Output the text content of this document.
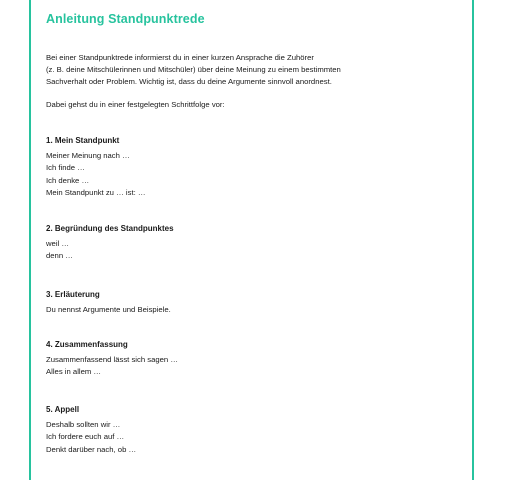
Anleitung Standpunktrede

Bei einer Standpunktrede informierst du in einer kurzen Ansprache die Zuhörer

(z. B. deine Mitschülerinnen und Mitschüler) über deine Meinung zu einem bestimmten

Sachverhalt oder Problem. Wichtig ist, dass du deine Argumente sinnvoll anordnest.

Dabei gehst du in einer festgelegten Schrittfolge vor:

1. Mein Standpunkt
Meiner Meinung nach …
Ich finde …
Ich denke …
Mein Standpunkt zu … ist: …
2. Begründung des Standpunktes
weil …
denn …
3. Erläuterung
Du nennst Argumente und Beispiele.
4. Zusammenfassung
Zusammenfassend lässt sich sagen …
Alles in allem …
5. Appell
Deshalb sollten wir …
Ich fordere euch auf …
Denkt darüber nach, ob …
